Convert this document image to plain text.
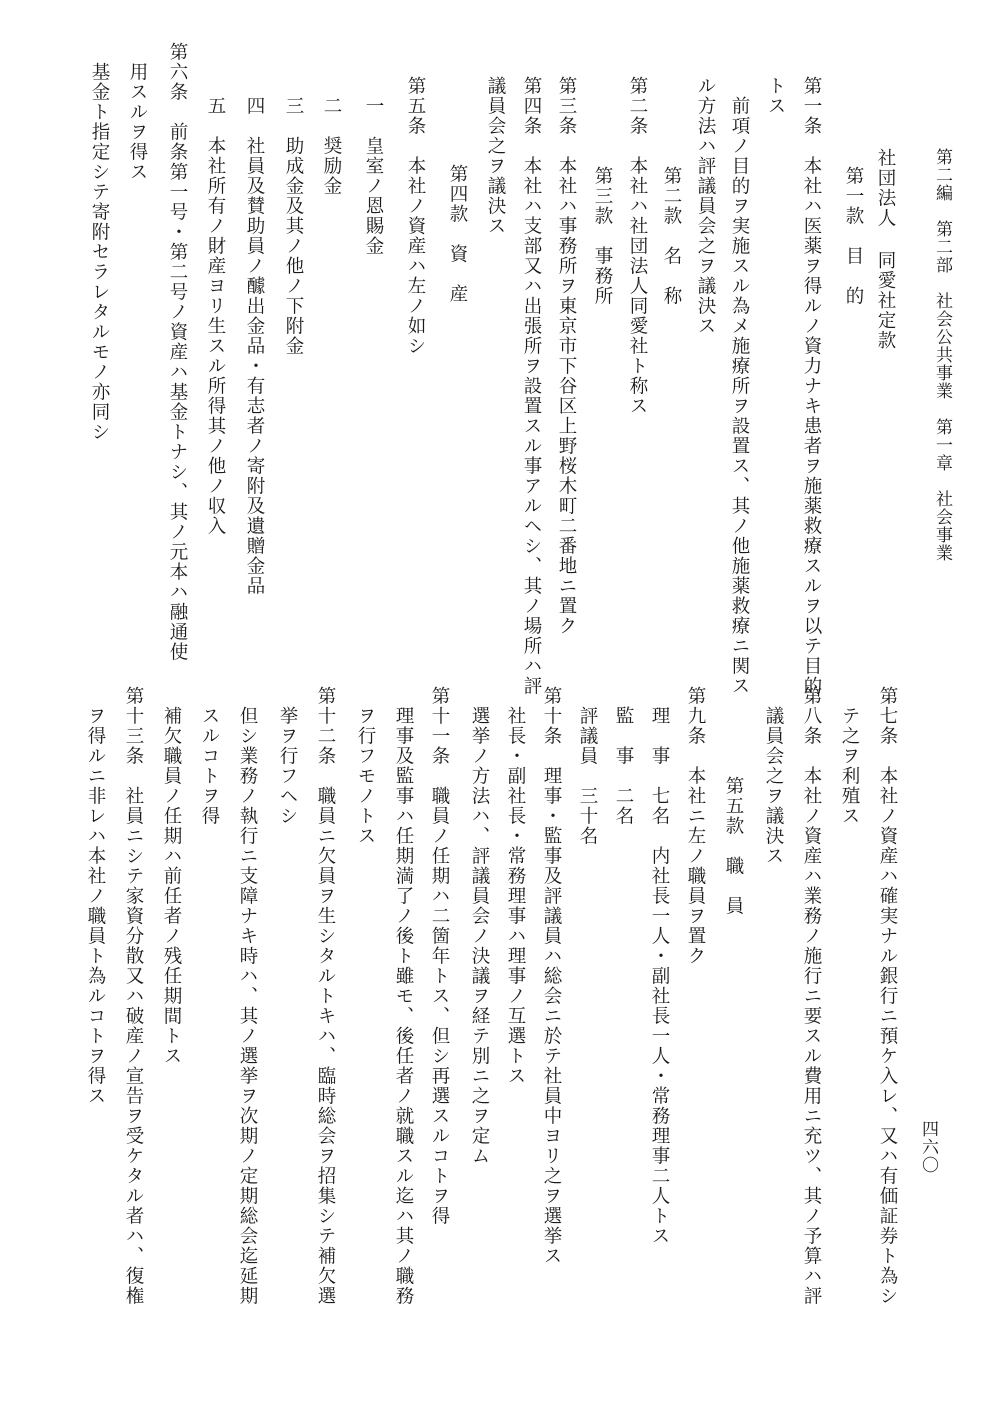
第二編　第二部　社会公共事業　第一章　社会事業
社団法人 同愛社定款
第一款　目　的
第一条　本社ハ医薬ヲ得ルノ資力ナキ患者ヲ施薬救療スルヲ以テ目的
トス
前項ノ目的ヲ実施スル為メ施療所ヲ設置ス、其ノ他施薬救療ニ関ス
ル方法ハ評議員会之ヲ議決ス
第二款　名　称
第二条　本社ハ社団法人同愛社ト称ス
第三款　事務所
第三条　本社ハ事務所ヲ東京市下谷区上野桜木町二番地ニ置ク
第四条　本社ハ支部又ハ出張所ヲ設置スル事アルヘシ、其ノ場所ハ評
議員会之ヲ議決ス
第四款　資　産
第五条　本社ノ資産ハ左ノ如シ
一　皇室ノ恩賜金
二　奨励金
三　助成金及其ノ他ノ下附金
四　社員及賛助員ノ醵出金品・有志者ノ寄附及遺贈金品
五　本社所有ノ財産ヨリ生スル所得其ノ他ノ収入
第六条　前条第一号・第二号ノ資産ハ基金トナシ、其ノ元本ハ融通使
用スルヲ得ス
基金ト指定シテ寄附セラレタルモノ亦同シ
四六〇
第七条　本社ノ資産ハ確実ナル銀行ニ預ケ入レ、又ハ有価証券ト為シ
テ之ヲ利殖ス
第八条　本社ノ資産ハ業務ノ施行ニ要スル費用ニ充ツ、其ノ予算ハ評
議員会之ヲ議決ス
第五款　職　員
第九条　本社ニ左ノ職員ヲ置ク
理　事　七名　内社長一人・副社長一人・常務理事二人トス
監　事　二名
評議員　三十名
第十条　理事・監事及評議員ハ総会ニ於テ社員中ヨリ之ヲ選挙ス
社長・副社長・常務理事ハ理事ノ互選トス
選挙ノ方法ハ、評議員会ノ決議ヲ経テ別ニ之ヲ定ム
第十一条　職員ノ任期ハ二箇年トス、但シ再選スルコトヲ得
理事及監事ハ任期満了ノ後ト雖モ、後任者ノ就職スル迄ハ其ノ職務
ヲ行フモノトス
第十二条　職員ニ欠員ヲ生シタルトキハ、臨時総会ヲ招集シテ補欠選
挙ヲ行フヘシ
但シ業務ノ執行ニ支障ナキ時ハ、其ノ選挙ヲ次期ノ定期総会迄延期
スルコトヲ得
補欠職員ノ任期ハ前任者ノ残任期間トス
第十三条　社員ニシテ家資分散又ハ破産ノ宣告ヲ受ケタル者ハ、復権
ヲ得ルニ非レハ本社ノ職員ト為ルコトヲ得ス
